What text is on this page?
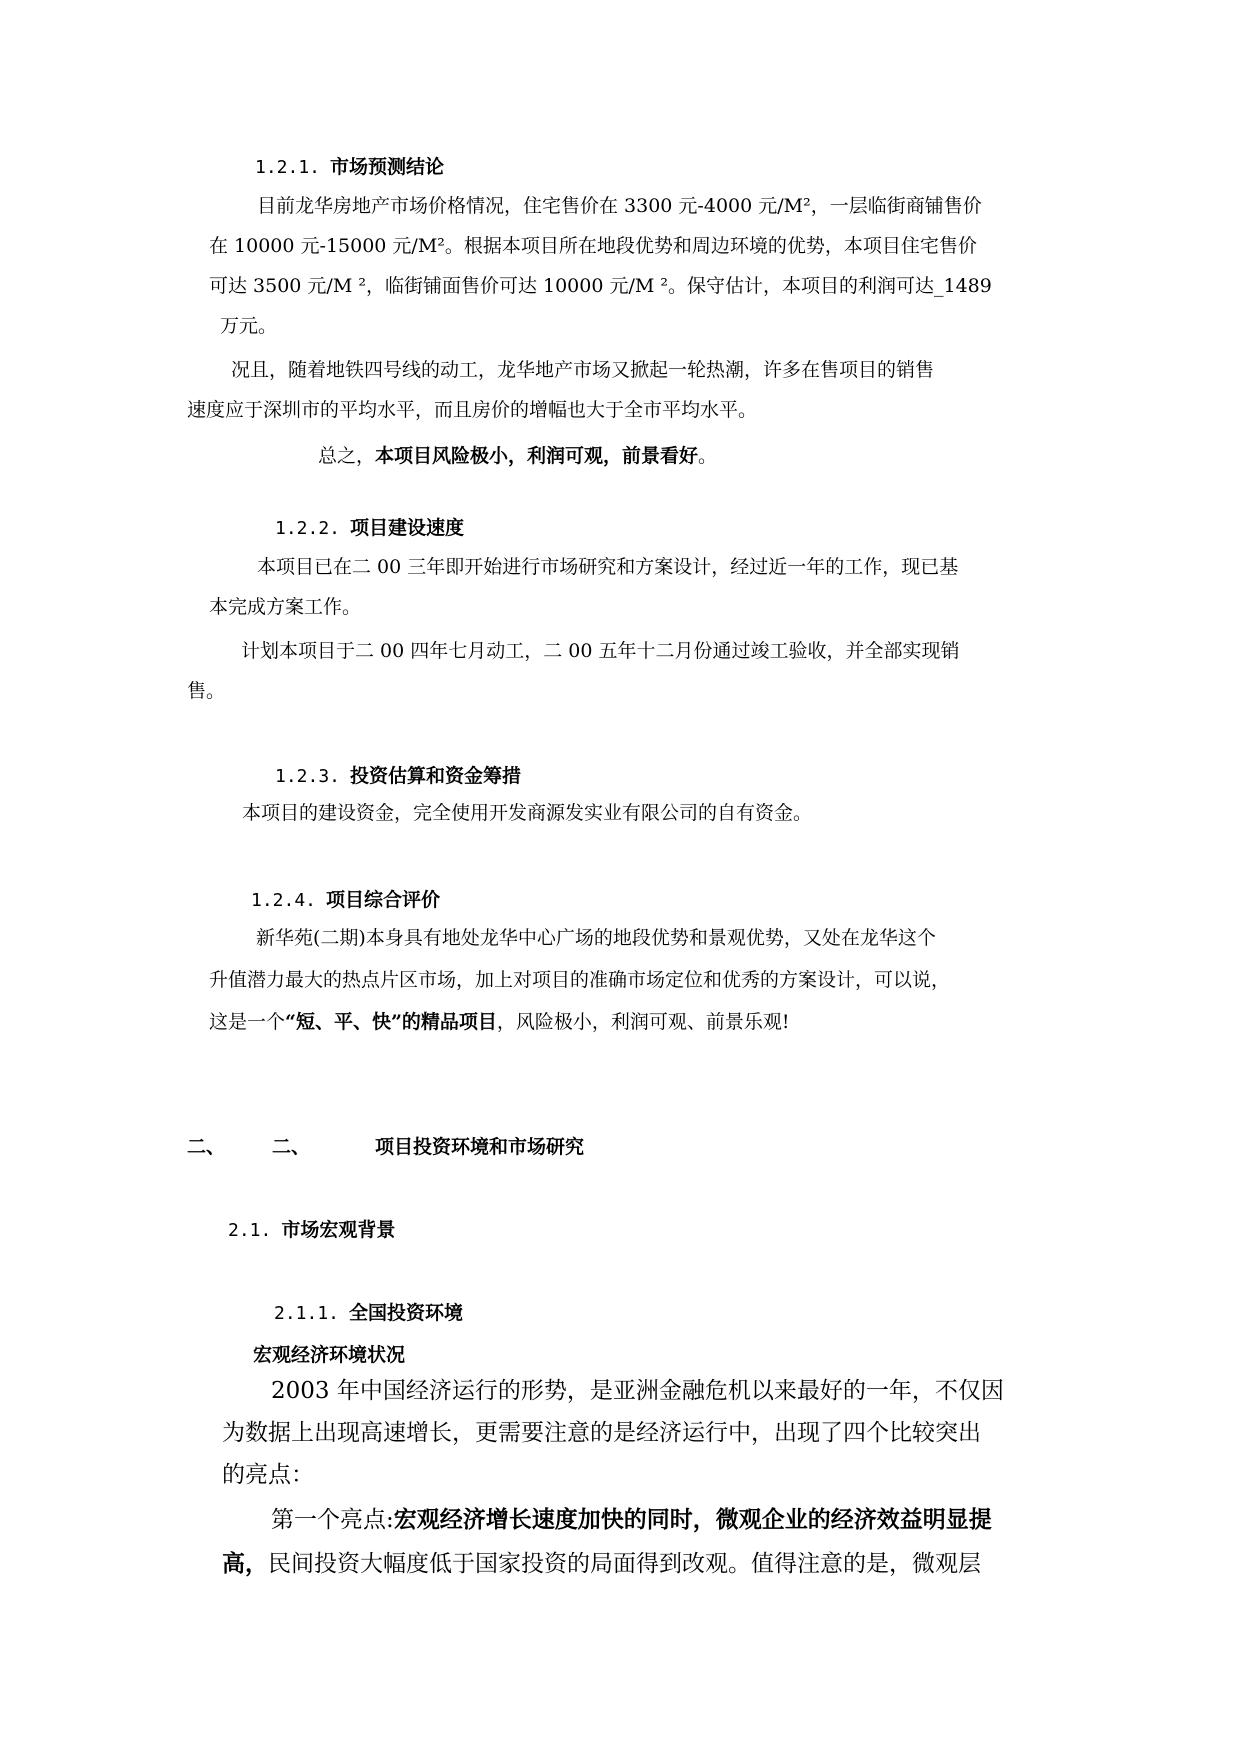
1.2.1. 市场预测结论
目前龙华房地产市场价格情况，住宅售价在 3300 元-4000 元/M²，一层临街商铺售价
在 10000 元-15000 元/M²。根据本项目所在地段优势和周边环境的优势，本项目住宅售价
可达 3500 元/M ²，临街铺面售价可达 10000 元/M ²。保守估计，本项目的利润可达_1489
万元。
况且，随着地铁四号线的动工，龙华地产市场又掀起一轮热潮，许多在售项目的销售
速度应于深圳市的平均水平，而且房价的增幅也大于全市平均水平。
总之，本项目风险极小，利润可观，前景看好。
1.2.2. 项目建设速度
本项目已在二 00 三年即开始进行市场研究和方案设计，经过近一年的工作，现已基
本完成方案工作。
计划本项目于二 00 四年七月动工，二 00 五年十二月份通过竣工验收，并全部实现销
售。
1.2.3. 投资估算和资金筹措
本项目的建设资金，完全使用开发商源发实业有限公司的自有资金。
1.2.4. 项目综合评价
新华苑(二期)本身具有地处龙华中心广场的地段优势和景观优势，又处在龙华这个
升值潜力最大的热点片区市场，加上对项目的准确市场定位和优秀的方案设计，可以说，
这是一个“短、平、快”的精品项目，风险极小，利润可观、前景乐观!
二、 二、	项目投资环境和市场研究
2.1. 市场宏观背景
2.1.1. 全国投资环境
宏观经济环境状况
2003 年中国经济运行的形势，是亚洲金融危机以来最好的一年，不仅因
为数据上出现高速增长，更需要注意的是经济运行中，出现了四个比较突出
的亮点：
第一个亮点:宏观经济增长速度加快的同时，微观企业的经济效益明显提
高，民间投资大幅度低于国家投资的局面得到改观。值得注意的是，微观层
